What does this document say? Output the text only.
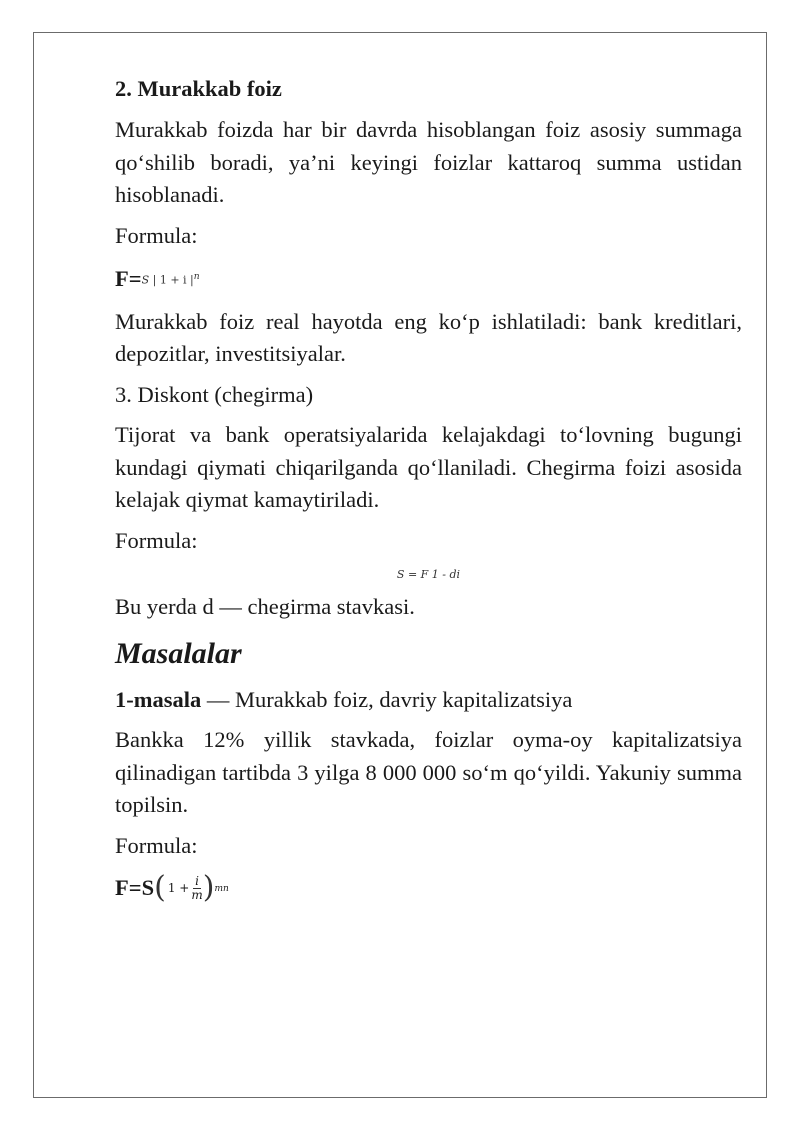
2. Murakkab foiz

Murakkab foizda har bir davrda hisoblangan foiz asosiy summaga qo‘shilib boradi, ya’ni keyingi foizlar kattaroq summa ustidan hisoblanadi.

Formula:

F= S | 1 + i $|^n$

Murakkab foiz real hayotda eng ko‘p ishlatiladi: bank kreditlari, depozitlar, investitsiyalar.

3. Diskont (chegirma)

Tijorat va bank operatsiyalarida kelajakdagi to‘lovning bugungi kundagi qiymati chiqarilganda qo‘llaniladi. Chegirma foizi asosida kelajak qiymat kamaytiriladi.

Formula:

S = F 1 - di

Bu yerda d — chegirma stavkasi.

Masalalar

1-masala — Murakkab foiz, davriy kapitalizatsiya

Bankka 12% yillik stavkada, foizlar oyma-oy kapitalizatsiya qilinadigan tartibda 3 yilga 8 000 000 so‘m qo‘yildi. Yakuniy summa topilsin.

Formula:

F=S ( $1 + \frac{i}{m}$ ) mn
